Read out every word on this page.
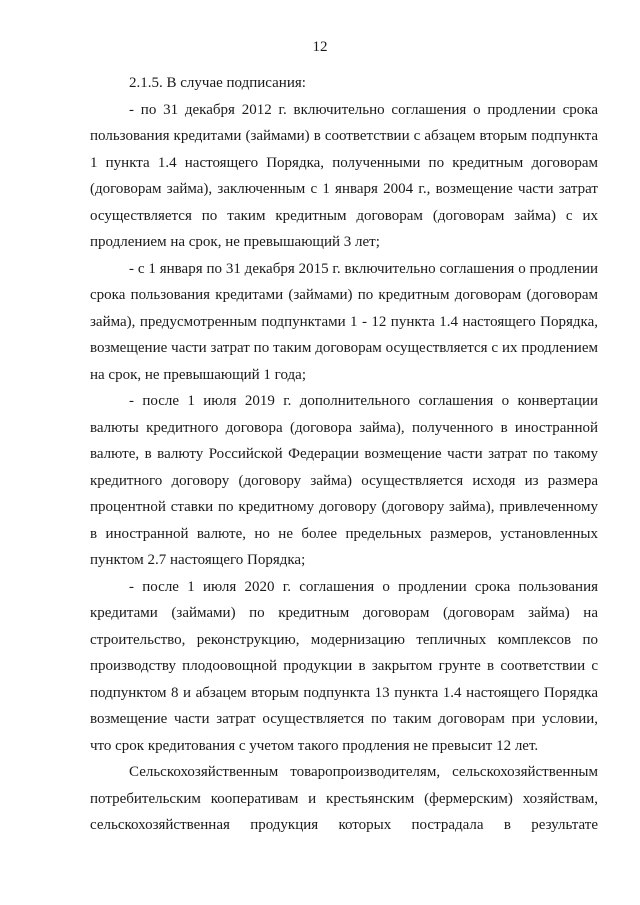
12

2.1.5. В случае подписания:

- по 31 декабря 2012 г. включительно соглашения о продлении срока пользования кредитами (займами) в соответствии с абзацем вторым подпункта 1 пункта 1.4 настоящего Порядка, полученными по кредитным договорам (договорам займа), заключенным с 1 января 2004 г., возмещение части затрат осуществляется по таким кредитным договорам (договорам займа) с их продлением на срок, не превышающий 3 лет;

- с 1 января по 31 декабря 2015 г. включительно соглашения о продлении срока пользования кредитами (займами) по кредитным договорам (договорам займа), предусмотренным подпунктами 1 - 12 пункта 1.4 настоящего Порядка, возмещение части затрат по таким договорам осуществляется с их продлением на срок, не превышающий 1 года;

- после 1 июля 2019 г. дополнительного соглашения о конвертации валюты кредитного договора (договора займа), полученного в иностранной валюте, в валюту Российской Федерации возмещение части затрат по такому кредитного договору (договору займа) осуществляется исходя из размера процентной ставки по кредитному договору (договору займа), привлеченному в иностранной валюте, но не более предельных размеров, установленных пунктом 2.7 настоящего Порядка;

- после 1 июля 2020 г. соглашения о продлении срока пользования кредитами (займами) по кредитным договорам (договорам займа) на строительство, реконструкцию, модернизацию тепличных комплексов по производству плодоовощной продукции в закрытом грунте в соответствии с подпунктом 8 и абзацем вторым подпункта 13 пункта 1.4 настоящего Порядка возмещение части затрат осуществляется по таким договорам при условии, что срок кредитования с учетом такого продления не превысит 12 лет.

Сельскохозяйственным товаропроизводителям, сельскохозяйственным потребительским кооперативам и крестьянским (фермерским) хозяйствам, сельскохозяйственная продукция которых пострадала в результате
